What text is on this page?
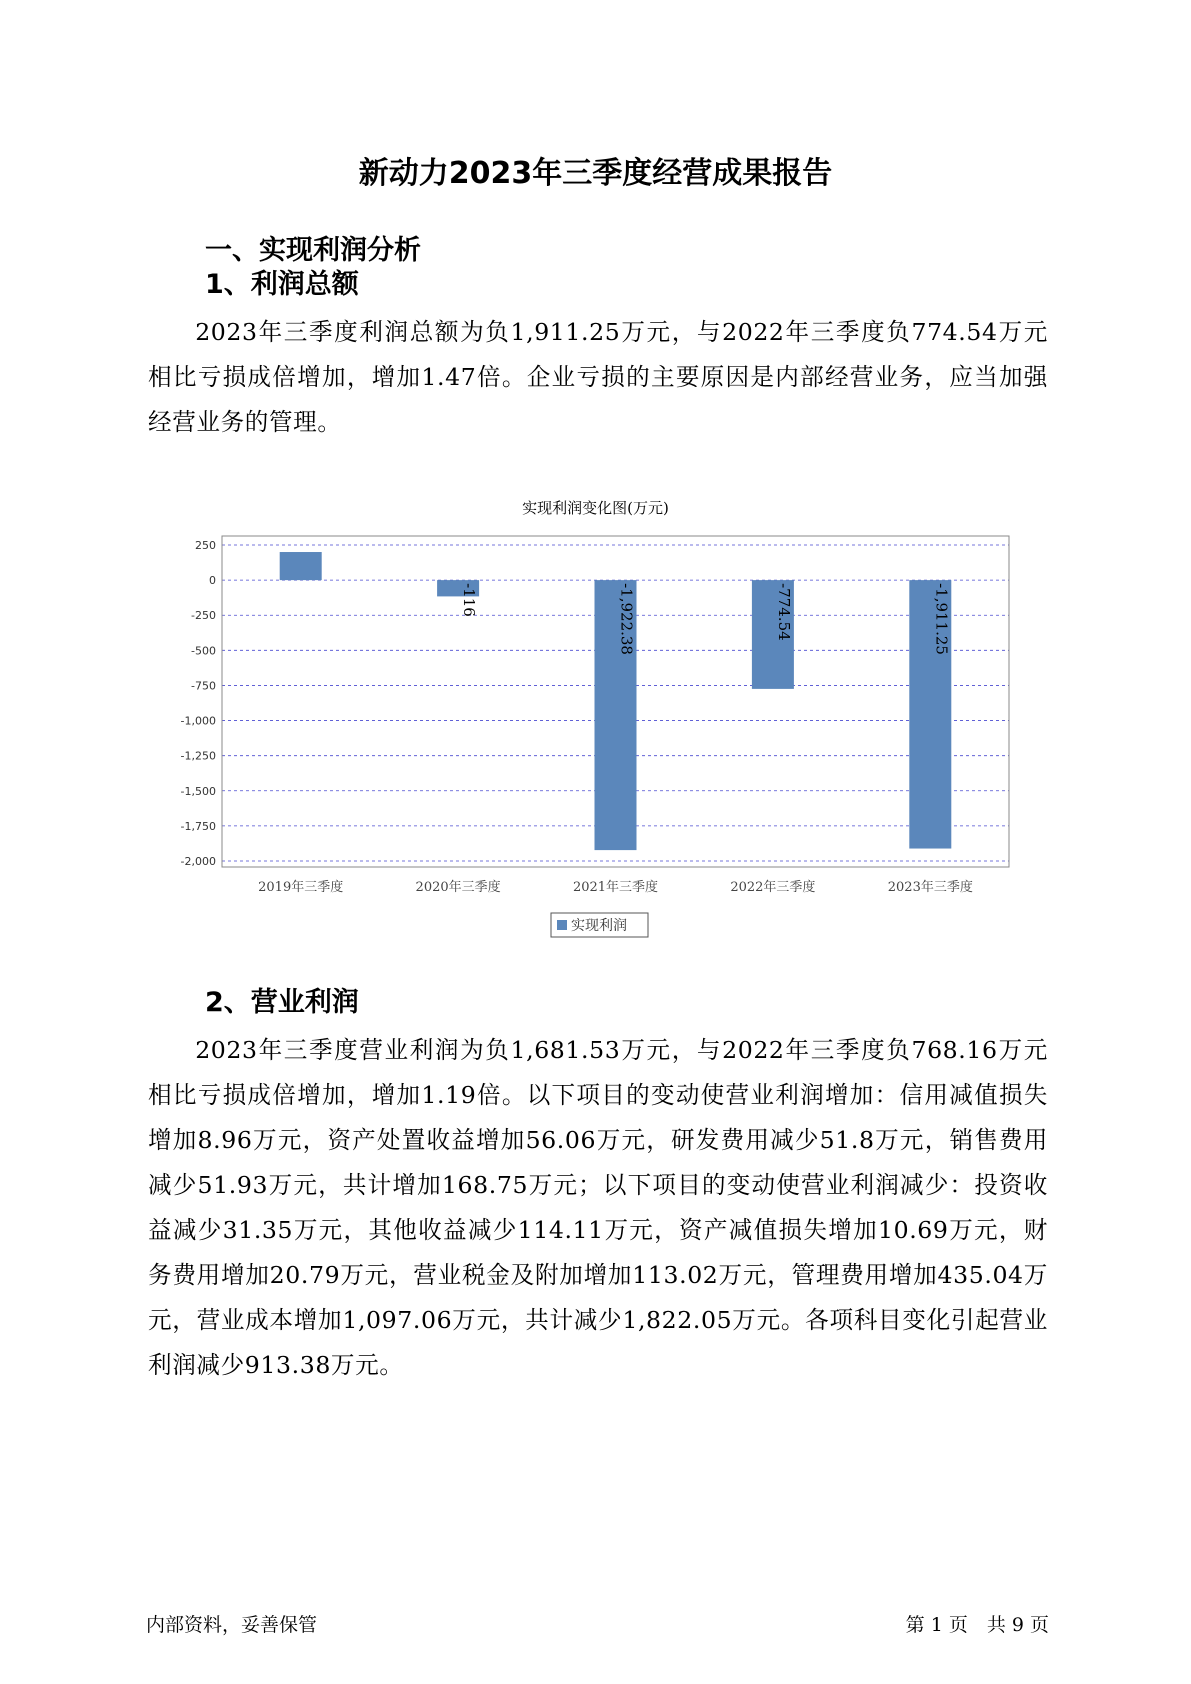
新动力2023年三季度经营成果报告
一、实现利润分析
1、利润总额
2023年三季度利润总额为负1,911.25万元，与2022年三季度负774.54万元相比亏损成倍增加，增加1.47倍。企业亏损的主要原因是内部经营业务，应当加强经营业务的管理。
实现利润变化图(万元)
250
0
-250
-500
-750
-1,000
-1,250
-1,500
-1,750
-2,000
2019年三季度	2020年三季度	2021年三季度	2022年三季度	2023年三季度
-116	-1,922.38	-774.54	-1,911.25
实现利润
2、营业利润
2023年三季度营业利润为负1,681.53万元，与2022年三季度负768.16万元相比亏损成倍增加，增加1.19倍。以下项目的变动使营业利润增加：信用减值损失增加8.96万元，资产处置收益增加56.06万元，研发费用减少51.8万元，销售费用减少51.93万元，共计增加168.75万元；以下项目的变动使营业利润减少：投资收益减少31.35万元，其他收益减少114.11万元，资产减值损失增加10.69万元，财务费用增加20.79万元，营业税金及附加增加113.02万元，管理费用增加435.04万元，营业成本增加1,097.06万元，共计减少1,822.05万元。各项科目变化引起营业利润减少913.38万元。
内部资料，妥善保管	第 1 页　共 9 页
